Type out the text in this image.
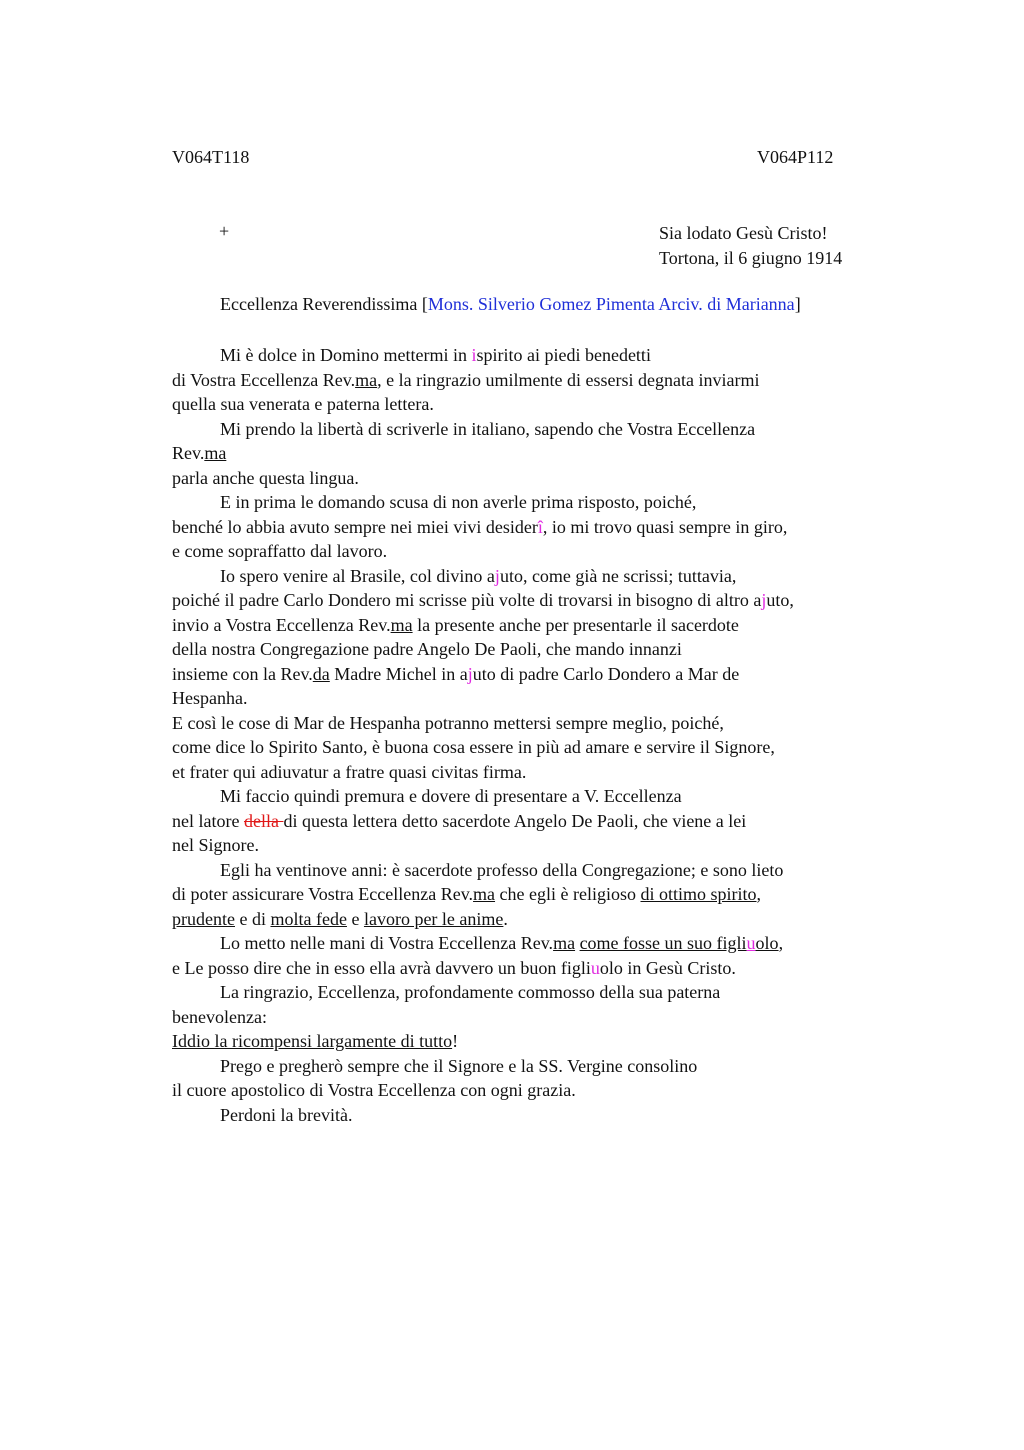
V064T118	V064P112
+	Sia lodato Gesù Cristo!
Tortona, il 6 giugno 1914
Eccellenza Reverendissima [Mons. Silverio Gomez Pimenta Arciv. di Marianna]
Mi è dolce in Domino mettermi in ispirito ai piedi benedetti
di Vostra Eccellenza Rev.ma, e la ringrazio umilmente di essersi degnata inviarmi
quella sua venerata e paterna lettera.
Mi prendo la libertà di scriverle in italiano, sapendo che Vostra Eccellenza
Rev.ma
parla anche questa lingua.
E in prima le domando scusa di non averle prima risposto, poiché,
benché lo abbia avuto sempre nei miei vivi desiderî, io mi trovo quasi sempre in giro,
e come sopraffatto dal lavoro.
Io spero venire al Brasile, col divino ajuto, come già ne scrissi; tuttavia,
poiché il padre Carlo Dondero mi scrisse più volte di trovarsi in bisogno di altro ajuto,
invio a Vostra Eccellenza Rev.ma la presente anche per presentarle il sacerdote
della nostra Congregazione padre Angelo De Paoli, che mando innanzi
insieme con la Rev.da Madre Michel in ajuto di padre Carlo Dondero a Mar de
Hespanha.
E così le cose di Mar de Hespanha potranno mettersi sempre meglio, poiché,
come dice lo Spirito Santo, è buona cosa essere in più ad amare e servire il Signore,
et frater qui adiuvatur a fratre quasi civitas firma.
Mi faccio quindi premura e dovere di presentare a V. Eccellenza
nel latore della di questa lettera detto sacerdote Angelo De Paoli, che viene a lei
nel Signore.
Egli ha ventinove anni: è sacerdote professo della Congregazione; e sono lieto
di poter assicurare Vostra Eccellenza Rev.ma che egli è religioso di ottimo spirito,
prudente e di molta fede e lavoro per le anime.
Lo metto nelle mani di Vostra Eccellenza Rev.ma come fosse un suo figliuolo,
e Le posso dire che in esso ella avrà davvero un buon figliuolo in Gesù Cristo.
La ringrazio, Eccellenza, profondamente commosso della sua paterna
benevolenza:
Iddio la ricompensi largamente di tutto!
Prego e pregherò sempre che il Signore e la SS. Vergine consolino
il cuore apostolico di Vostra Eccellenza con ogni grazia.
Perdoni la brevità.
